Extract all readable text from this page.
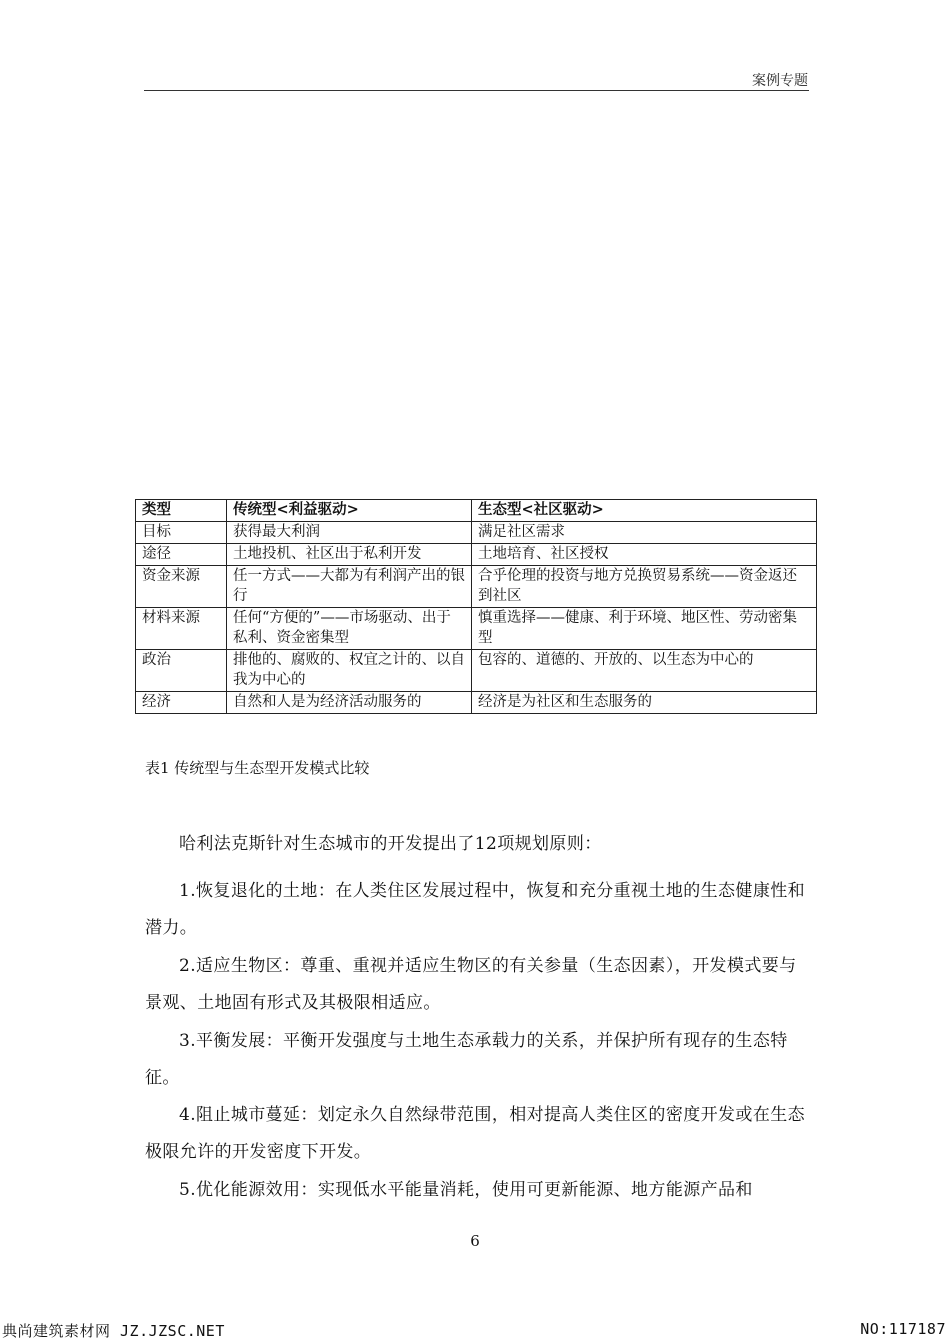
案例专题
类型	传统型<利益驱动>	生态型<社区驱动>
目标	获得最大利润	满足社区需求
途径	土地投机、社区出于私利开发	土地培育、社区授权
资金来源	任一方式——大都为有利润产出的银行	合乎伦理的投资与地方兑换贸易系统——资金返还到社区
材料来源	任何“方便的”——市场驱动、出于私利、资金密集型	慎重选择——健康、利于环境、地区性、劳动密集型
政治	排他的、腐败的、权宜之计的、以自我为中心的	包容的、道德的、开放的、以生态为中心的
经济	自然和人是为经济活动服务的	经济是为社区和生态服务的
表1 传统型与生态型开发模式比较

哈利法克斯针对生态城市的开发提出了12项规划原则：

1.恢复退化的土地：在人类住区发展过程中，恢复和充分重视土地的生态健康性和潜力。

2.适应生物区：尊重、重视并适应生物区的有关参量（生态因素），开发模式要与景观、土地固有形式及其极限相适应。

3.平衡发展：平衡开发强度与土地生态承载力的关系，并保护所有现存的生态特征。

4.阻止城市蔓延：划定永久自然绿带范围，相对提高人类住区的密度开发或在生态极限允许的开发密度下开发。

5.优化能源效用：实现低水平能量消耗，使用可更新能源、地方能源产品和

6
典尚建筑素材网 JZ.JZSC.NET	NO:117187
